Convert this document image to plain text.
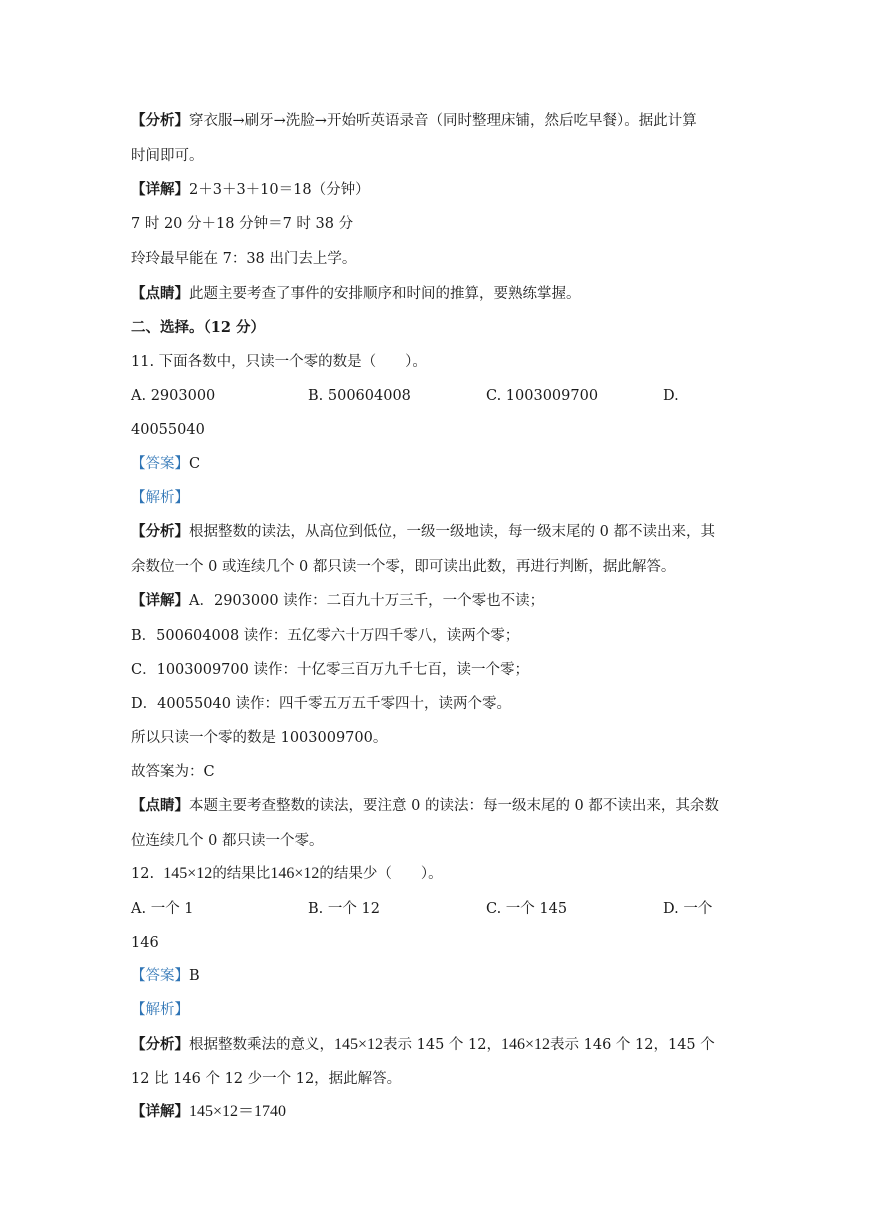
【分析】穿衣服→刷牙→洗脸→开始听英语录音（同时整理床铺，然后吃早餐）。据此计算

时间即可。

【详解】2＋3＋3＋10＝18（分钟）

7 时 20 分＋18 分钟＝7 时 38 分

玲玲最早能在 7：38 出门去上学。

【点睛】此题主要考查了事件的安排顺序和时间的推算，要熟练掌握。

二、选择。（12 分）

11. 下面各数中，只读一个零的数是（　　）。

A. 2903000	B. 500604008	C. 1003009700	D.

40055040

【答案】C

【解析】

【分析】根据整数的读法，从高位到低位，一级一级地读，每一级末尾的 0 都不读出来，其

余数位一个 0 或连续几个 0 都只读一个零，即可读出此数，再进行判断，据此解答。

【详解】A．2903000 读作：二百九十万三千，一个零也不读；

B．500604008 读作：五亿零六十万四千零八，读两个零；

C．1003009700 读作：十亿零三百万九千七百，读一个零；

D．40055040 读作：四千零五万五千零四十，读两个零。

所以只读一个零的数是 1003009700。

故答案为：C

【点睛】本题主要考查整数的读法，要注意 0 的读法：每一级末尾的 0 都不读出来，其余数

位连续几个 0 都只读一个零。

12. 145×12的结果比146×12的结果少（　　）。

A. 一个 1	B. 一个 12	C. 一个 145	D. 一个

146

【答案】B

【解析】

【分析】根据整数乘法的意义，145×12表示 145 个 12，146×12表示 146 个 12，145 个

12 比 146 个 12 少一个 12，据此解答。

【详解】145×12＝1740
